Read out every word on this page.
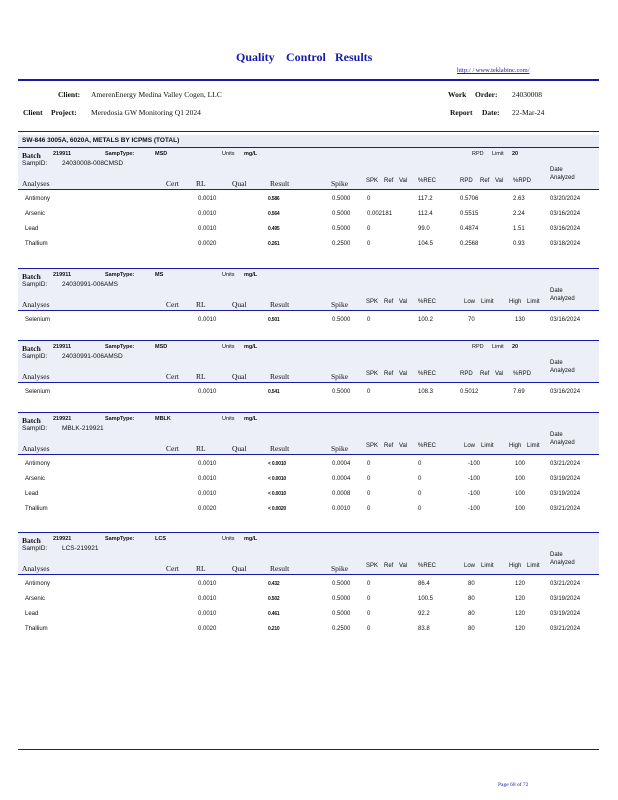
Quality Control Results
http:/ / www.teklabinc.com/
Client: AmerenEnergy Medina Valley Cogen, LLC
Client Project: Meredosia GW Monitoring Q1 2024
Work Order: 24030008
Report Date: 22-Mar-24
SW-846 3005A, 6020A, METALS BY ICPMS (TOTAL)
Batch 219911	SampType:	MSD	Units mg/L	RPD Limit 20
SampID: 24030008-008CMSD
Analyses	Cert RL	Qual	Result	Spike	SPK Ref Val %REC	RPD Ref Val %RPD
Date
Analyzed
Antimony	0.0010	0.586	0.5000	0	117.2	0.5706	2.63	03/20/2024
Arsenic	0.0010	0.564	0.5000	0.002181	112.4	0.5515	2.24	03/16/2024
Lead	0.0010	0.495	0.5000	0	99.0	0.4874	1.51	03/16/2024
Thallium	0.0020	0.261	0.2500	0	104.5	0.2568	0.93	03/18/2024
Batch 219911	SampType:	MS	Units mg/L
SampID: 24030991-006AMS
Analyses	Cert RL	Qual	Result	Spike	SPK Ref Val %REC	Low Limit	High Limit
Date
Analyzed
Selenium	0.0010	0.501	0.5000	0	100.2	70	130	03/16/2024
Batch 219911	SampType:	MSD	Units mg/L	RPD Limit 20
SampID: 24030991-006AMSD
Analyses	Cert RL	Qual	Result	Spike	SPK Ref Val %REC	RPD Ref Val %RPD
Date
Analyzed
Selenium	0.0010	0.541	0.5000	0	108.3	0.5012	7.69	03/16/2024
Batch 219921	SampType:	MBLK	Units mg/L
SampID: MBLK-219921
Analyses	Cert RL	Qual	Result	Spike	SPK Ref Val %REC	Low Limit	High Limit
Date
Analyzed
Antimony	0.0010	< 0.0010	0.0004	0	0	-100	100	03/21/2024
Arsenic	0.0010	< 0.0010	0.0004	0	0	-100	100	03/19/2024
Lead	0.0010	< 0.0010	0.0008	0	0	-100	100	03/19/2024
Thallium	0.0020	< 0.0020	0.0010	0	0	-100	100	03/21/2024
Batch 219921	SampType:	LCS	Units mg/L
SampID: LCS-219921
Analyses	Cert RL	Qual	Result	Spike	SPK Ref Val %REC	Low Limit	High Limit
Date
Analyzed
Antimony	0.0010	0.432	0.5000	0	86.4	80	120	03/21/2024
Arsenic	0.0010	0.502	0.5000	0	100.5	80	120	03/19/2024
Lead	0.0010	0.461	0.5000	0	92.2	80	120	03/19/2024
Thallium	0.0020	0.210	0.2500	0	83.8	80	120	03/21/2024
Page 68 of 72
